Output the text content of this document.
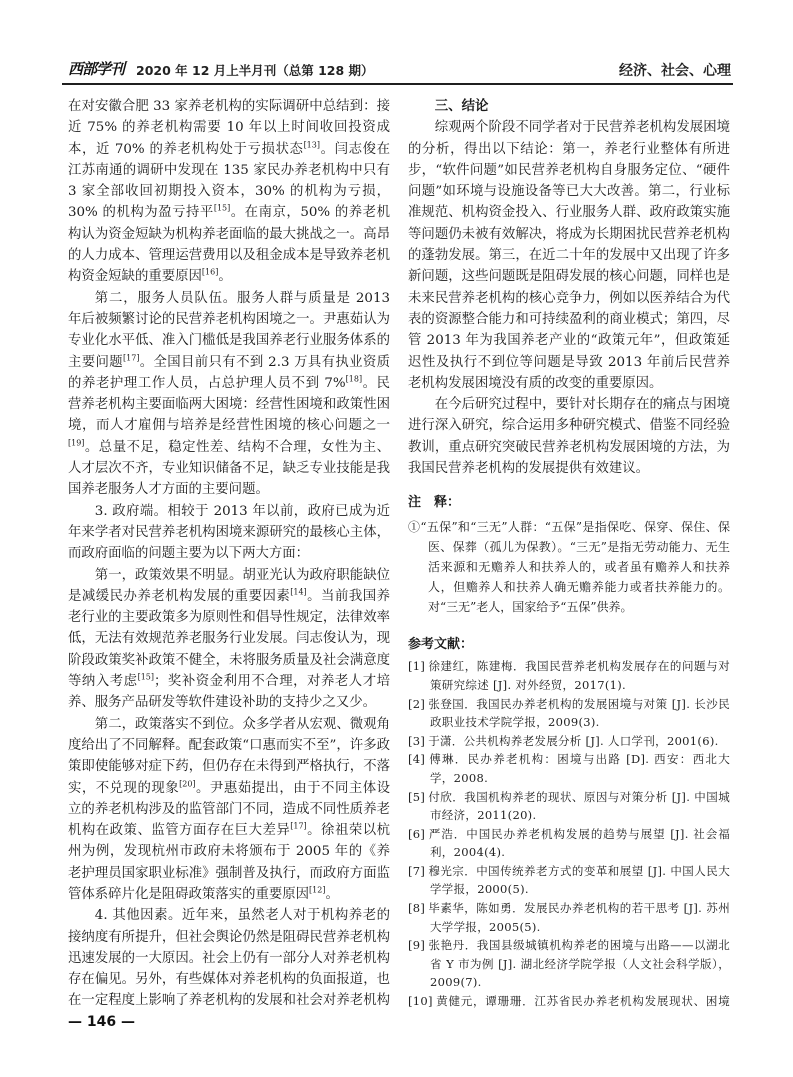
西部学刊 2020 年 12 月上半月刊（总第 128 期）	经济、社会、心理

在对安徽合肥 33 家养老机构的实际调研中总结到：接近 75% 的养老机构需要 10 年以上时间收回投资成本，近 70% 的养老机构处于亏损状态[13]。闫志俊在江苏南通的调研中发现在 135 家民办养老机构中只有 3 家全部收回初期投入资本，30% 的机构为亏损，30% 的机构为盈亏持平[15]。在南京，50% 的养老机构认为资金短缺为机构养老面临的最大挑战之一。高昂的人力成本、管理运营费用以及租金成本是导致养老机构资金短缺的重要原因[16]。

第二，服务人员队伍。服务人群与质量是 2013 年后被频繁讨论的民营养老机构困境之一。尹惠茹认为专业化水平低、准入门槛低是我国养老行业服务体系的主要问题[17]。全国目前只有不到 2.3 万具有执业资质的养老护理工作人员，占总护理人员不到 7%[18]。民营养老机构主要面临两大困境：经营性困境和政策性困境，而人才雇佣与培养是经营性困境的核心问题之一[19]。总量不足，稳定性差、结构不合理，女性为主、人才层次不齐，专业知识储备不足，缺乏专业技能是我国养老服务人才方面的主要问题。

3. 政府端。相较于 2013 年以前，政府已成为近年来学者对民营养老机构困境来源研究的最核心主体，而政府面临的问题主要为以下两大方面：

第一，政策效果不明显。胡亚光认为政府职能缺位是减缓民办养老机构发展的重要因素[14]。当前我国养老行业的主要政策多为原则性和倡导性规定，法律效率低，无法有效规范养老服务行业发展。闫志俊认为，现阶段政策奖补政策不健全，未将服务质量及社会满意度等纳入考虑[15]；奖补资金利用不合理，对养老人才培养、服务产品研发等软件建设补助的支持少之又少。

第二，政策落实不到位。众多学者从宏观、微观角度给出了不同解释。配套政策“口惠而实不至”，许多政策即使能够对症下药，但仍存在未得到严格执行，不落实，不兑现的现象[20]。尹惠茹提出，由于不同主体设立的养老机构涉及的监管部门不同，造成不同性质养老机构在政策、监管方面存在巨大差异[17]。徐祖荣以杭州为例，发现杭州市政府未将颁布于 2005 年的《养老护理员国家职业标准》强制普及执行，而政府方面监管体系碎片化是阻碍政策落实的重要原因[12]。

4. 其他因素。近年来，虽然老人对于机构养老的接纳度有所提升，但社会舆论仍然是阻碍民营养老机构迅速发展的一大原因。社会上仍有一部分人对养老机构存在偏见。另外，有些媒体对养老机构的负面报道，也在一定程度上影响了养老机构的发展和社会对养老机构

三、结论

综观两个阶段不同学者对于民营养老机构发展困境的分析，得出以下结论：第一，养老行业整体有所进步，“软件问题”如民营养老机构自身服务定位、“硬件问题”如环境与设施设备等已大大改善。第二，行业标准规范、机构资金投入、行业服务人群、政府政策实施等问题仍未被有效解决，将成为长期困扰民营养老机构的蓬勃发展。第三，在近二十年的发展中又出现了许多新问题，这些问题既是阻碍发展的核心问题，同样也是未来民营养老机构的核心竞争力，例如以医养结合为代表的资源整合能力和可持续盈利的商业模式；第四，尽管 2013 年为我国养老产业的“政策元年”，但政策延迟性及执行不到位等问题是导致 2013 年前后民营养老机构发展困境没有质的改变的重要原因。

在今后研究过程中，要针对长期存在的痛点与困境进行深入研究，综合运用多种研究模式、借鉴不同经验教训，重点研究突破民营养老机构发展困境的方法，为我国民营养老机构的发展提供有效建议。

注　释：
①“五保”和“三无”人群：“五保”是指保吃、保穿、保住、保医、保葬（孤儿为保教）。“三无”是指无劳动能力、无生活来源和无赡养人和扶养人的，或者虽有赡养人和扶养人，但赡养人和扶养人确无赡养能力或者扶养能力的。对“三无”老人，国家给予“五保”供养。
参考文献：
[1] 徐建红，陈建梅．我国民营养老机构发展存在的问题与对策研究综述 [J]. 对外经贸，2017(1).
[2] 张登国．我国民办养老机构的发展困境与对策 [J]. 长沙民政职业技术学院学报，2009(3).
[3] 于潇．公共机构养老发展分析 [J]. 人口学刊，2001(6).
[4] 傅琳．民办养老机构：困境与出路 [D]. 西安：西北大学，2008.
[5] 付欣．我国机构养老的现状、原因与对策分析 [J]. 中国城市经济，2011(20).
[6] 严浩．中国民办养老机构发展的趋势与展望 [J]. 社会福利，2004(4).
[7] 穆光宗．中国传统养老方式的变革和展望 [J]. 中国人民大学学报，2000(5).
[8] 毕素华，陈如勇．发展民办养老机构的若干思考 [J]. 苏州大学学报，2005(5).
[9] 张艳丹．我国县级城镇机构养老的困境与出路——以湖北省 Y 市为例 [J]. 湖北经济学院学报（人文社会科学版），2009(7).
[10] 黄健元，谭珊珊．江苏省民办养老机构发展现状、困境
— 146 —
